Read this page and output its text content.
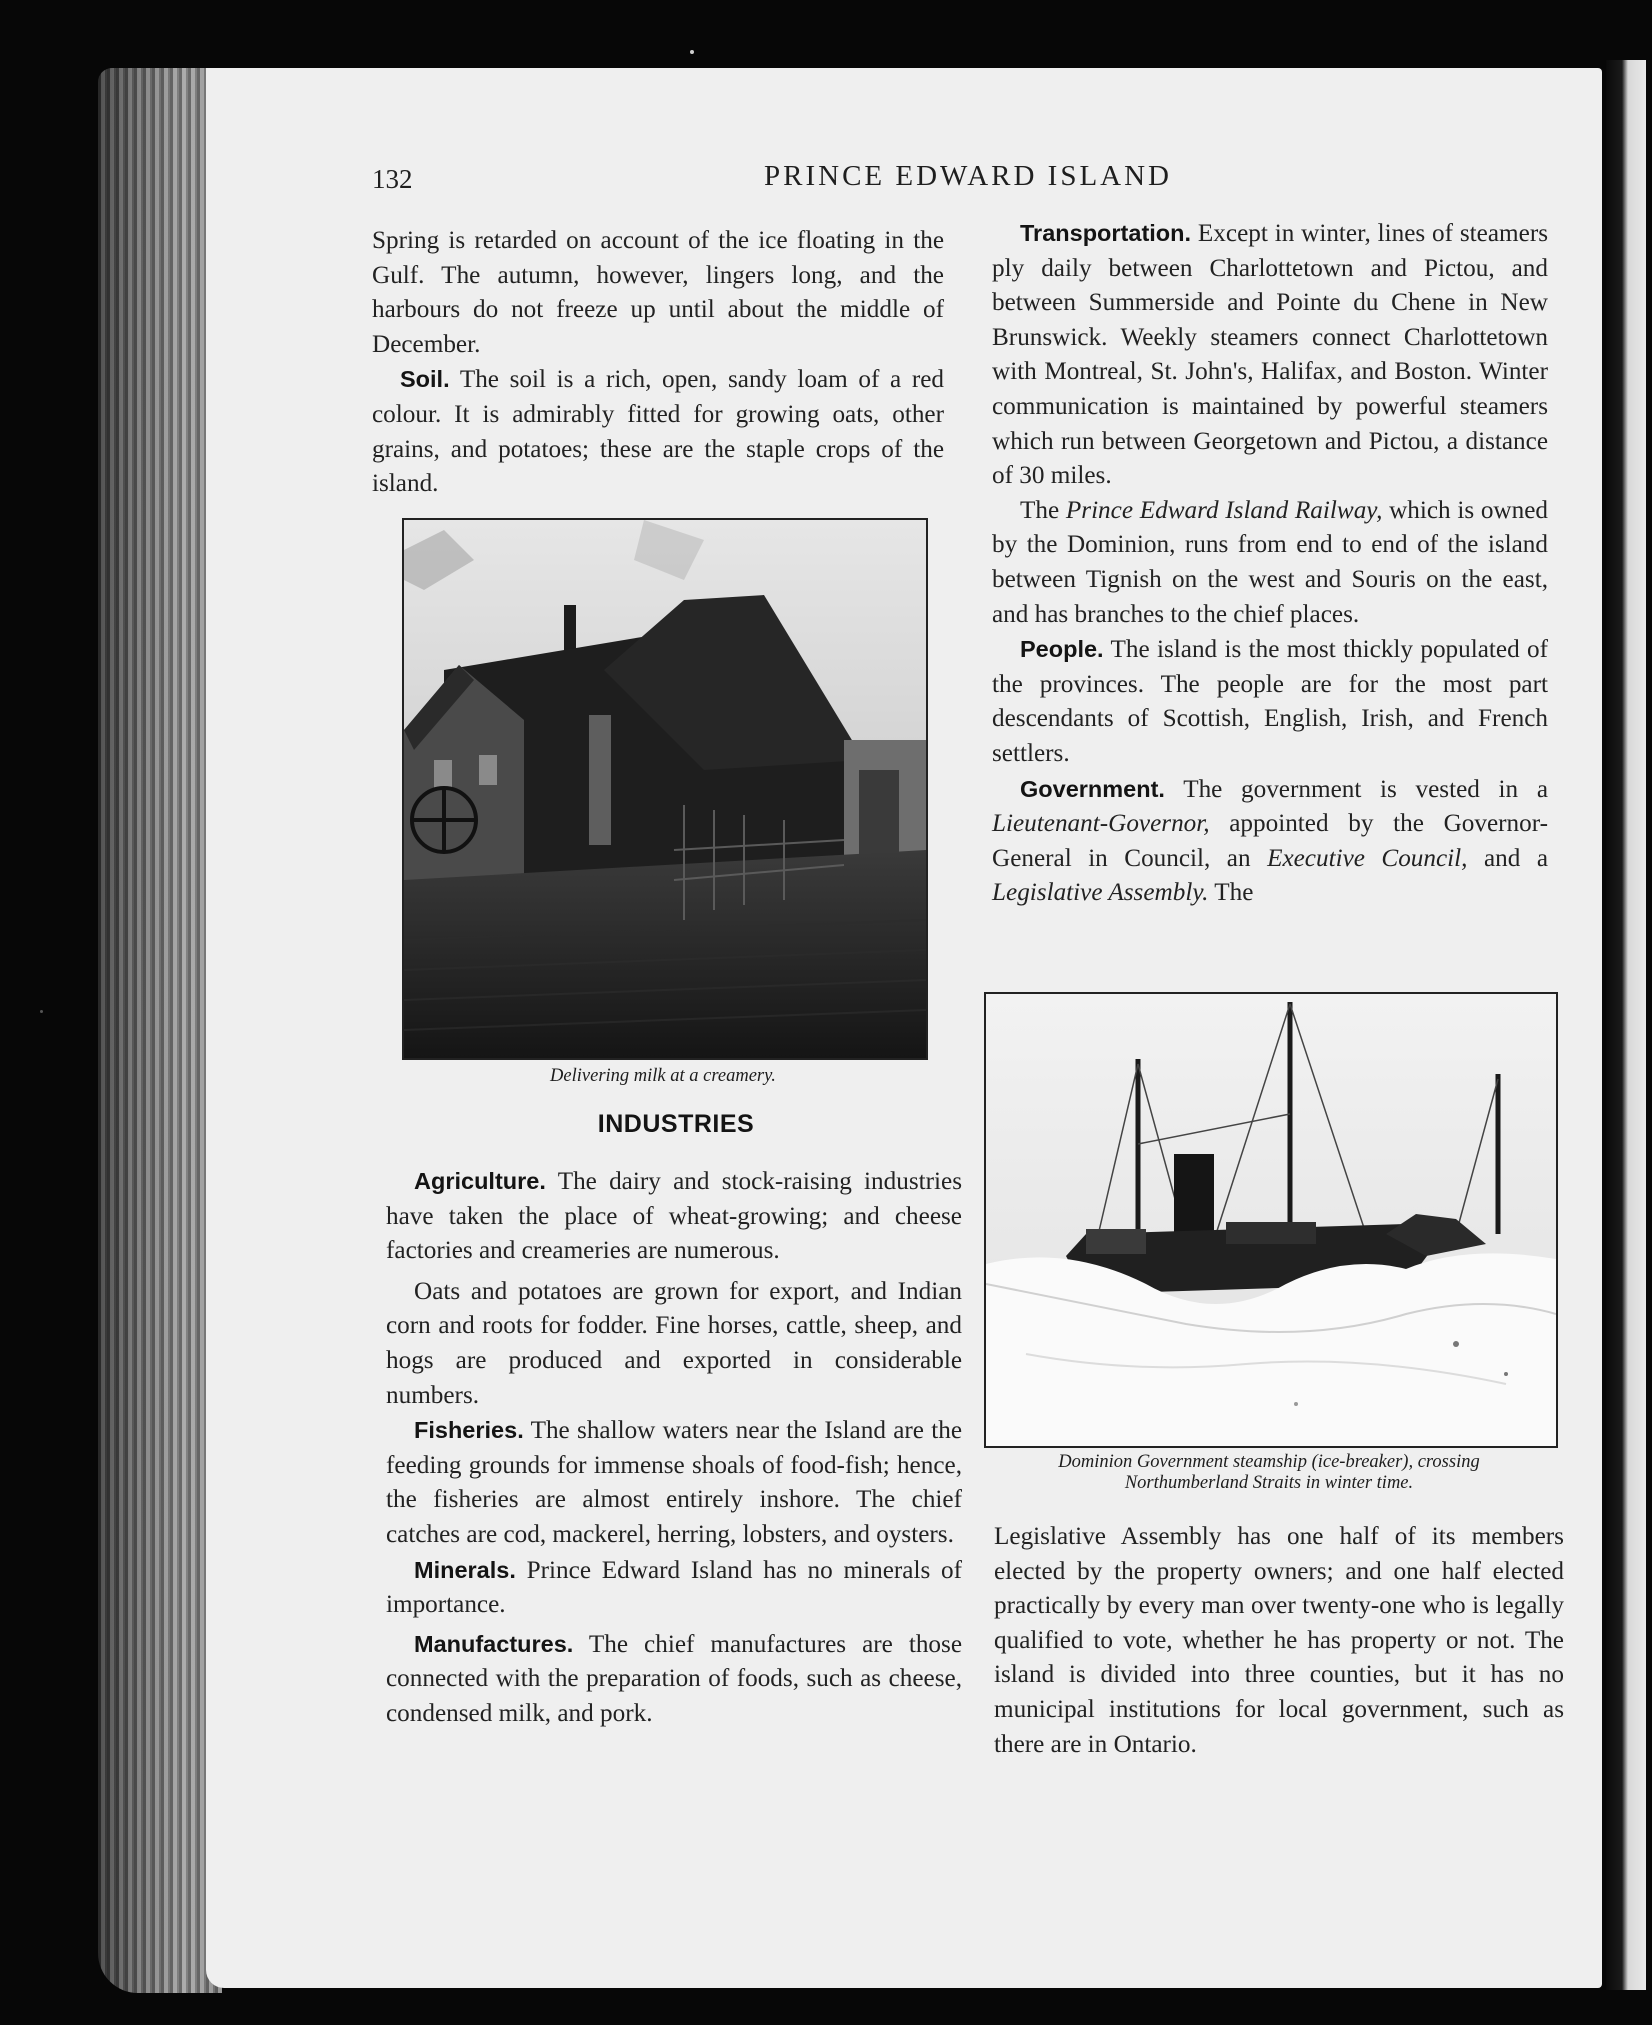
132	PRINCE EDWARD ISLAND

Spring is retarded on account of the ice floating in the Gulf. The autumn, however, lingers long, and the harbours do not freeze up until about the middle of December.

Soil. The soil is a rich, open, sandy loam of a red colour. It is admirably fitted for growing oats, other grains, and potatoes; these are the staple crops of the island.

Delivering milk at a creamery.
INDUSTRIES

Agriculture. The dairy and stock-raising industries have taken the place of wheat-growing; and cheese factories and creameries are numerous.

Oats and potatoes are grown for export, and Indian corn and roots for fodder. Fine horses, cattle, sheep, and hogs are produced and exported in considerable numbers.

Fisheries. The shallow waters near the Island are the feeding grounds for immense shoals of food-fish; hence, the fisheries are almost entirely inshore. The chief catches are cod, mackerel, herring, lobsters, and oysters.

Minerals. Prince Edward Island has no minerals of importance.

Manufactures. The chief manufactures are those connected with the preparation of foods, such as cheese, condensed milk, and pork.

Transportation. Except in winter, lines of steamers ply daily between Charlottetown and Pictou, and between Summerside and Pointe du Chene in New Brunswick. Weekly steamers connect Charlottetown with Montreal, St. John's, Halifax, and Boston. Winter communication is maintained by powerful steamers which run between Georgetown and Pictou, a distance of 30 miles.

The Prince Edward Island Railway, which is owned by the Dominion, runs from end to end of the island between Tignish on the west and Souris on the east, and has branches to the chief places.

People. The island is the most thickly populated of the provinces. The people are for the most part descendants of Scottish, English, Irish, and French settlers.

Government. The government is vested in a Lieutenant-Governor, appointed by the Governor-General in Council, an Executive Council, and a Legislative Assembly. The

Dominion Government steamship (ice-breaker), crossing
Northumberland Straits in winter time.

Legislative Assembly has one half of its members elected by the property owners; and one half elected practically by every man over twenty-one who is legally qualified to vote, whether he has property or not. The island is divided into three counties, but it has no municipal institutions for local government, such as there are in Ontario.
